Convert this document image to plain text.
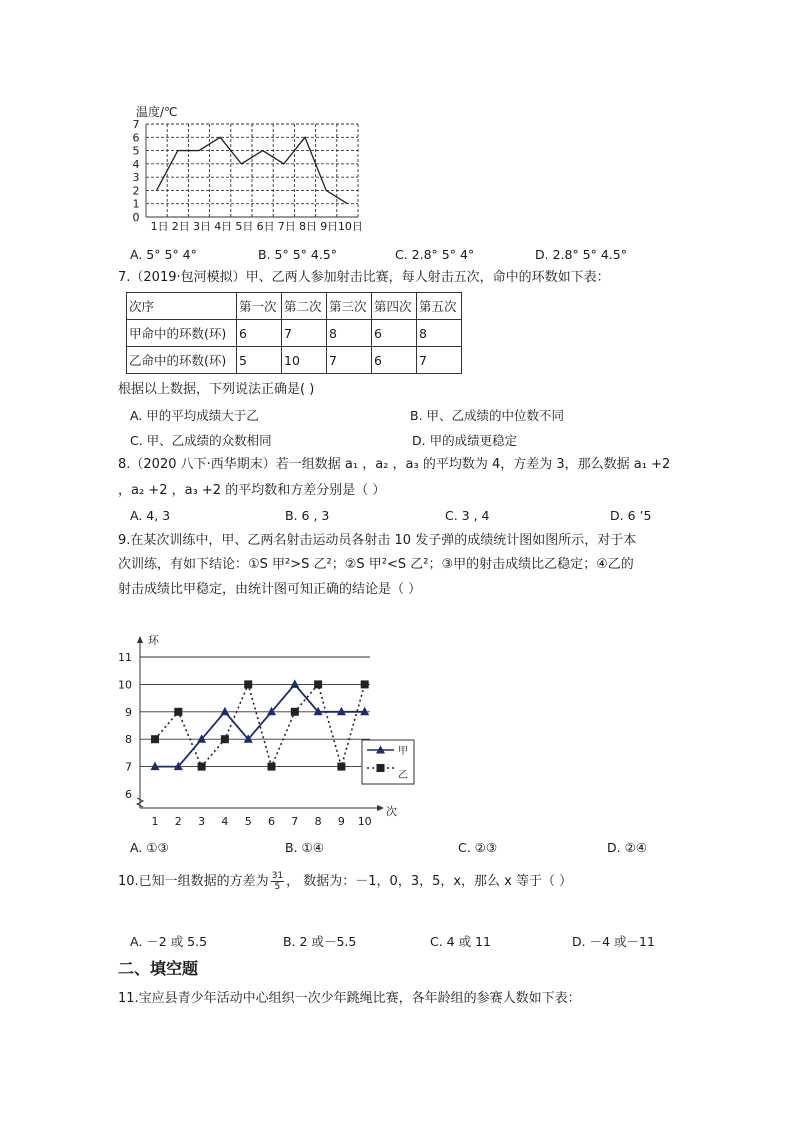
温度/℃
0
1
2
3
4
5
6
7
1日 2日 3日 4日 5日 6日 7日 8日 9日 10日
A. 5° 5° 4°	B. 5° 5° 4.5°	C. 2.8° 5° 4°	D. 2.8° 5° 4.5°
7.（2019·包河模拟）甲、乙两人参加射击比赛，每人射击五次，命中的环数如下表：
次序	第一次	第二次	第三次	第四次	第五次
甲命中的环数(环)	6	7	8	6	8
乙命中的环数(环)	5	10	7	6	7
根据以上数据，下列说法正确是( )
A. 甲的平均成绩大于乙	B. 甲、乙成绩的中位数不同
C. 甲、乙成绩的众数相同	D. 甲的成绩更稳定
8.（2020 八下·西华期末）若一组数据 a₁ ，a₂ ，a₃ 的平均数为 4，方差为 3，那么数据 a₁ +2
，a₂ +2 ，a₃ +2 的平均数和方差分别是（ ）
A. 4, 3	B. 6 , 3	C. 3 , 4	D. 6 ’5
9.在某次训练中，甲、乙两名射击运动员各射击 10 发子弹的成绩统计图如图所示，对于本
次训练，有如下结论：①S 甲²>S 乙²；②S 甲²<S 乙²；③甲的射击成绩比乙稳定；④乙的
射击成绩比甲稳定，由统计图可知正确的结论是（ ）
环
次
6
7
8
9
10
11
1 2 3 4 5 6 7 8 9 10
甲
乙
A. ①③	B. ①④	C. ②③	D. ②④
10.已知一组数据的方差为 $\frac{31}{5}$ ， 数据为：－1，0，3，5，x，那么 x 等于（ ）
A. －2 或 5.5	B. 2 或－5.5	C. 4 或 11	D. －4 或－11
二、填空题
11.宝应县青少年活动中心组织一次少年跳绳比赛，各年龄组的参赛人数如下表：
